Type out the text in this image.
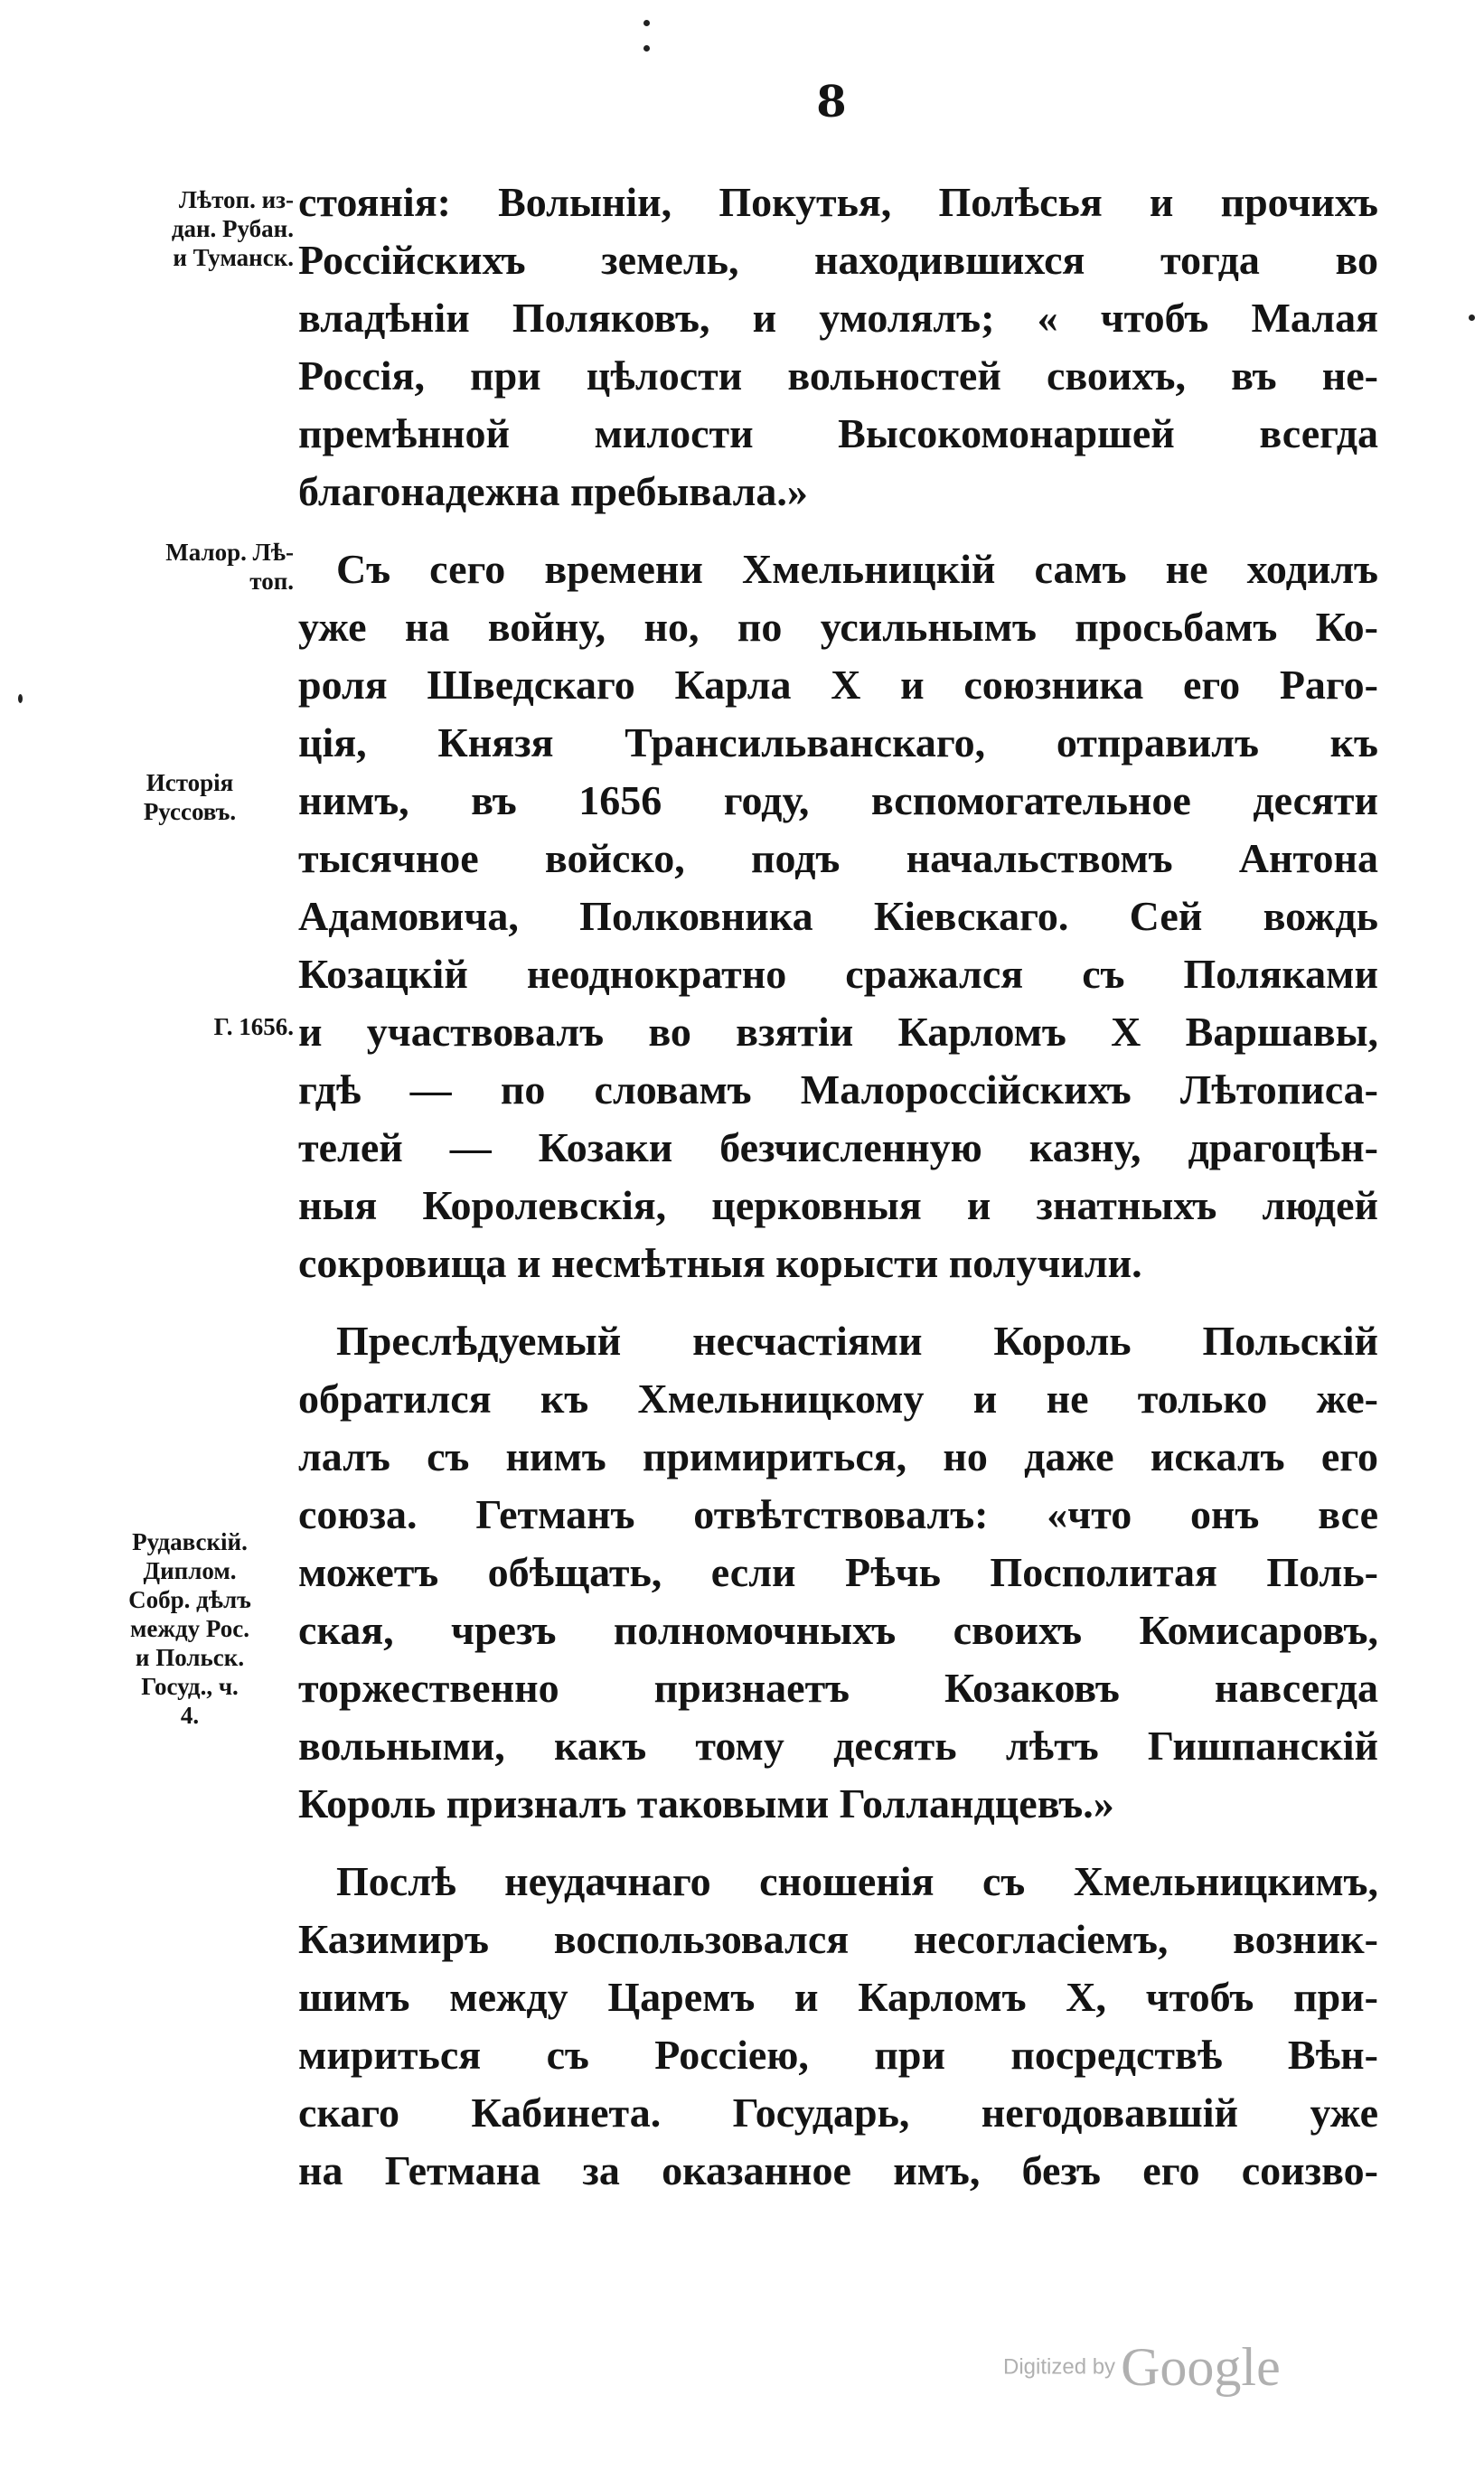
8
Лѣтоп. из-
дан. Рубан.
и Туманск.
Малор. Лѣ-
топ.
Исторія
Руссовъ.
Г. 1656.
Рудавскій.
Диплом.
Собр. дѣлъ
между Рос.
и Польск.
Госуд., ч.
4.
стоянія: Волыніи, Покутья, Полѣсья и прочихъ
Россійскихъ земель, находившихся тогда во
владѣніи Поляковъ, и умолялъ; « чтобъ Малая
Россія, при цѣлости вольностей своихъ, въ не-
премѣнной милости Высокомонаршей всегда
благонадежна пребывала.»
Съ сего времени Хмельницкій самъ не ходилъ
уже на войну, но, по усильнымъ просьбамъ Ко-
роля Шведскаго Карла X и союзника его Раго-
ція, Князя Трансильванскаго, отправилъ къ
нимъ, въ 1656 году, вспомогательное десяти
тысячное войско, подъ начальствомъ Антона
Адамовича, Полковника Кіевскаго. Сей вождь
Козацкій неоднократно сражался съ Поляками
и участвовалъ во взятіи Карломъ X Варшавы,
гдѣ — по словамъ Малороссійскихъ Лѣтописа-
телей — Козаки безчисленную казну, драгоцѣн-
ныя Королевскія, церковныя и знатныхъ людей
сокровища и несмѣтныя корысти получили.
Преслѣдуемый несчастіями Король Польскій
обратился къ Хмельницкому и не только же-
лалъ съ нимъ примириться, но даже искалъ его
союза. Гетманъ отвѣтствовалъ: «что онъ все
можетъ обѣщать, если Рѣчь Посполитая Поль-
ская, чрезъ полномочныхъ своихъ Комисаровъ,
торжественно признаетъ Козаковъ навсегда
вольными, какъ тому десять лѣтъ Гишпанскій
Король призналъ таковыми Голландцевъ.»
Послѣ неудачнаго сношенія съ Хмельницкимъ,
Казимиръ воспользовался несогласіемъ, возник-
шимъ между Царемъ и Карломъ X, чтобъ при-
мириться съ Россіею, при посредствѣ Вѣн-
скаго Кабинета. Государь, негодовавшій уже
на Гетмана за оказанное имъ, безъ его соизво-
Digitized by Google
